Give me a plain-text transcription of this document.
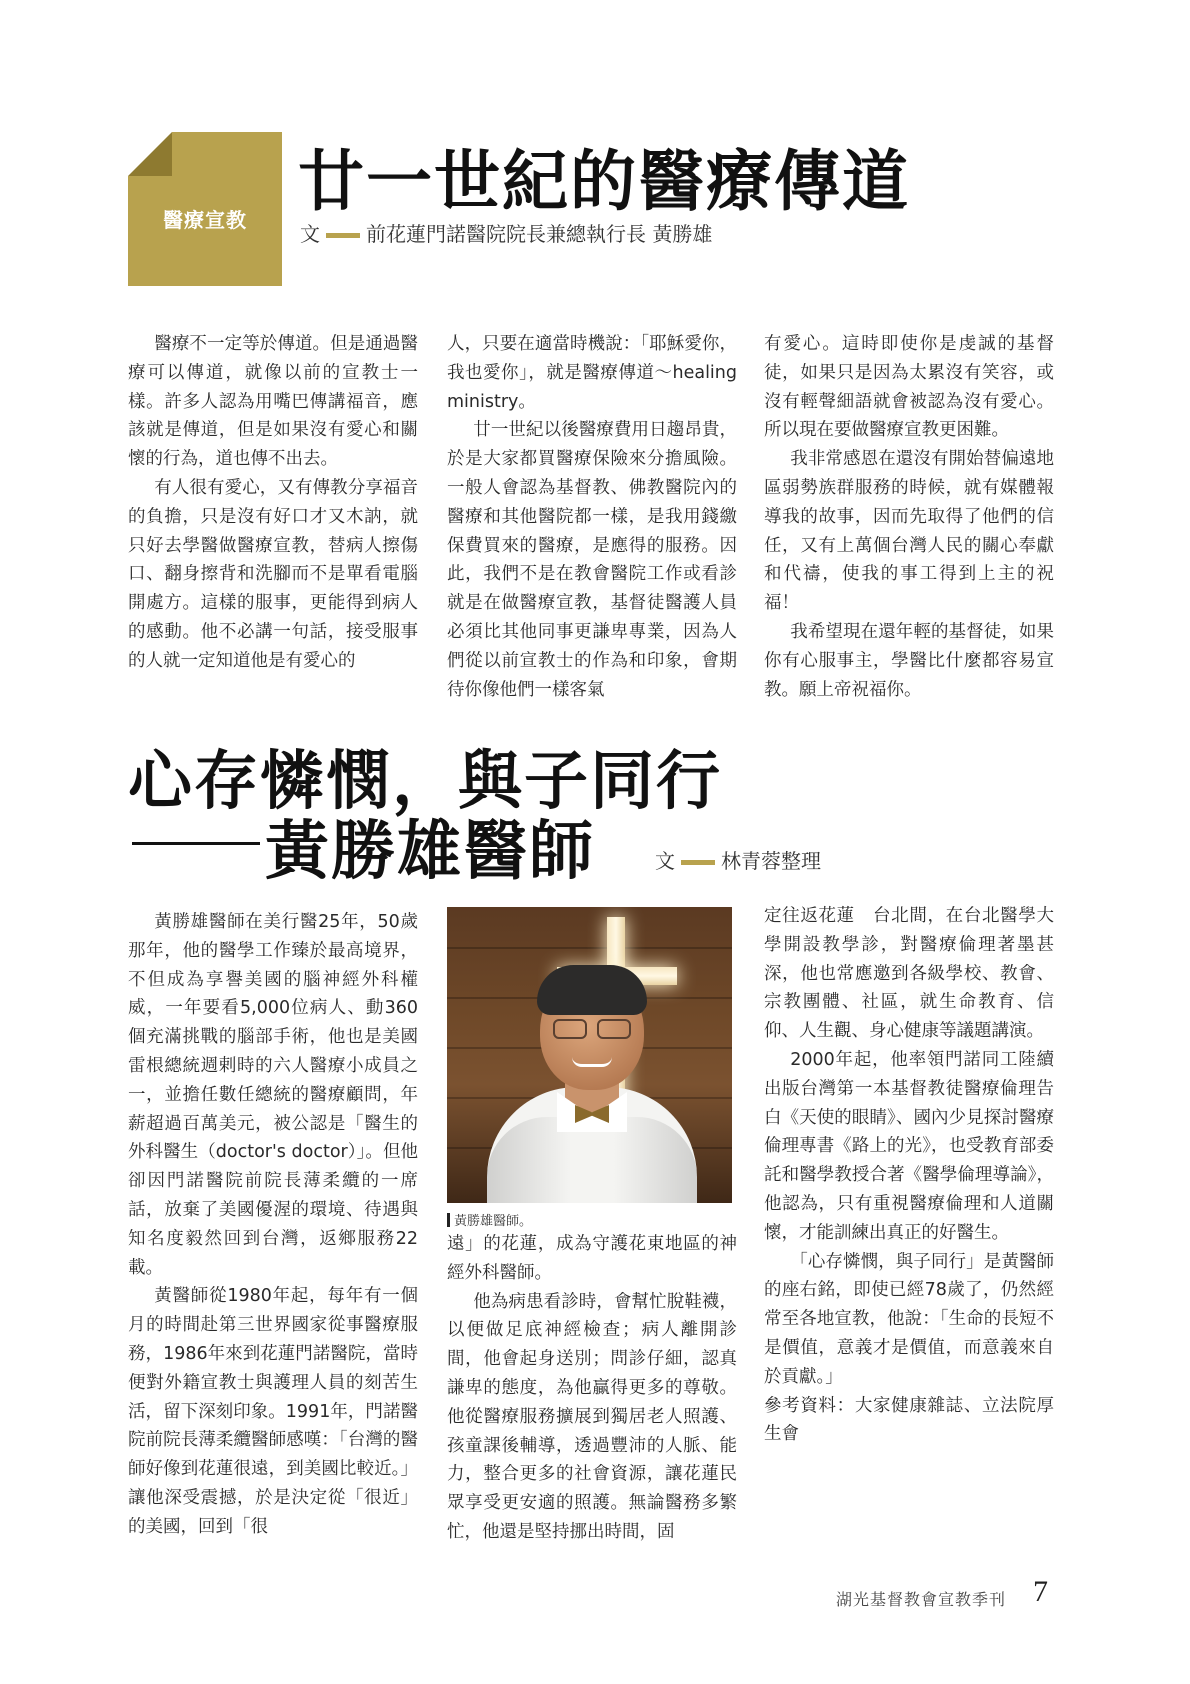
醫療宣教 廿一世紀的醫療傳道
文 前花蓮門諾醫院院長兼總執行長 黃勝雄

醫療不一定等於傳道。但是通過醫療可以傳道，就像以前的宣教士一樣。許多人認為用嘴巴傳講福音，應該就是傳道，但是如果沒有愛心和關懷的行為，道也傳不出去。

有人很有愛心，又有傳教分享福音的負擔，只是沒有好口才又木訥，就只好去學醫做醫療宣教，替病人擦傷口、翻身擦背和洗腳而不是單看電腦開處方。這樣的服事，更能得到病人的感動。他不必講一句話，接受服事的人就一定知道他是有愛心的

人，只要在適當時機說：「耶穌愛你，我也愛你」，就是醫療傳道～healing ministry。

廿一世紀以後醫療費用日趨昂貴，於是大家都買醫療保險來分擔風險。一般人會認為基督教、佛教醫院內的醫療和其他醫院都一樣，是我用錢繳保費買來的醫療，是應得的服務。因此，我們不是在教會醫院工作或看診就是在做醫療宣教，基督徒醫護人員必須比其他同事更謙卑專業，因為人們從以前宣教士的作為和印象，會期待你像他們一樣客氣

有愛心。這時即使你是虔誠的基督徒，如果只是因為太累沒有笑容，或沒有輕聲細語就會被認為沒有愛心。所以現在要做醫療宣教更困難。

我非常感恩在還沒有開始替偏遠地區弱勢族群服務的時候，就有媒體報導我的故事，因而先取得了他們的信任，又有上萬個台灣人民的關心奉獻和代禱，使我的事工得到上主的祝福！

我希望現在還年輕的基督徒，如果你有心服事主，學醫比什麼都容易宣教。願上帝祝福你。

心存憐憫，與子同行
黃勝雄醫師	文 林青蓉整理

黃勝雄醫師在美行醫25年，50歲那年，他的醫學工作臻於最高境界，不但成為享譽美國的腦神經外科權威，一年要看5,000位病人、動360個充滿挑戰的腦部手術，他也是美國雷根總統週剌時的六人醫療小成員之一，並擔任數任總統的醫療顧問，年薪超過百萬美元，被公認是「醫生的外科醫生（doctor's doctor）」。但他卻因門諾醫院前院長薄柔纜的一席話，放棄了美國優渥的環境、待遇與知名度毅然回到台灣，返鄉服務22載。

黃醫師從1980年起，每年有一個月的時間赴第三世界國家從事醫療服務，1986年來到花蓮門諾醫院，當時便對外籍宣教士與護理人員的刻苦生活，留下深刻印象。1991年，門諾醫院前院長薄柔纜醫師感嘆：「台灣的醫師好像到花蓮很遠，到美國比較近。」讓他深受震撼，於是決定從「很近」的美國，回到「很

黃勝雄醫師。

遠」的花蓮，成為守護花東地區的神經外科醫師。

他為病患看診時，會幫忙脫鞋襪，以便做足底神經檢查；病人離開診間，他會起身送別；問診仔細，認真謙卑的態度，為他贏得更多的尊敬。他從醫療服務擴展到獨居老人照護、孩童課後輔導，透過豐沛的人脈、能力，整合更多的社會資源，讓花蓮民眾享受更安適的照護。無論醫務多繁忙，他還是堅持挪出時間，固

定往返花蓮　台北間，在台北醫學大學開設教學診，對醫療倫理著墨甚深，他也常應邀到各級學校、教會、宗教團體、社區，就生命教育、信仰、人生觀、身心健康等議題講演。

2000年起，他率領門諾同工陸續出版台灣第一本基督教徒醫療倫理告白《天使的眼睛》、國內少見探討醫療倫理專書《路上的光》，也受教育部委託和醫學教授合著《醫學倫理導論》，他認為，只有重視醫療倫理和人道關懷，才能訓練出真正的好醫生。

「心存憐憫，與子同行」是黃醫師的座右銘，即使已經78歲了，仍然經常至各地宣教，他說：「生命的長短不是價值，意義才是價值，而意義來自於貢獻。」

參考資料：大家健康雜誌、立法院厚生會

湖光基督教會宣教季刊 7
